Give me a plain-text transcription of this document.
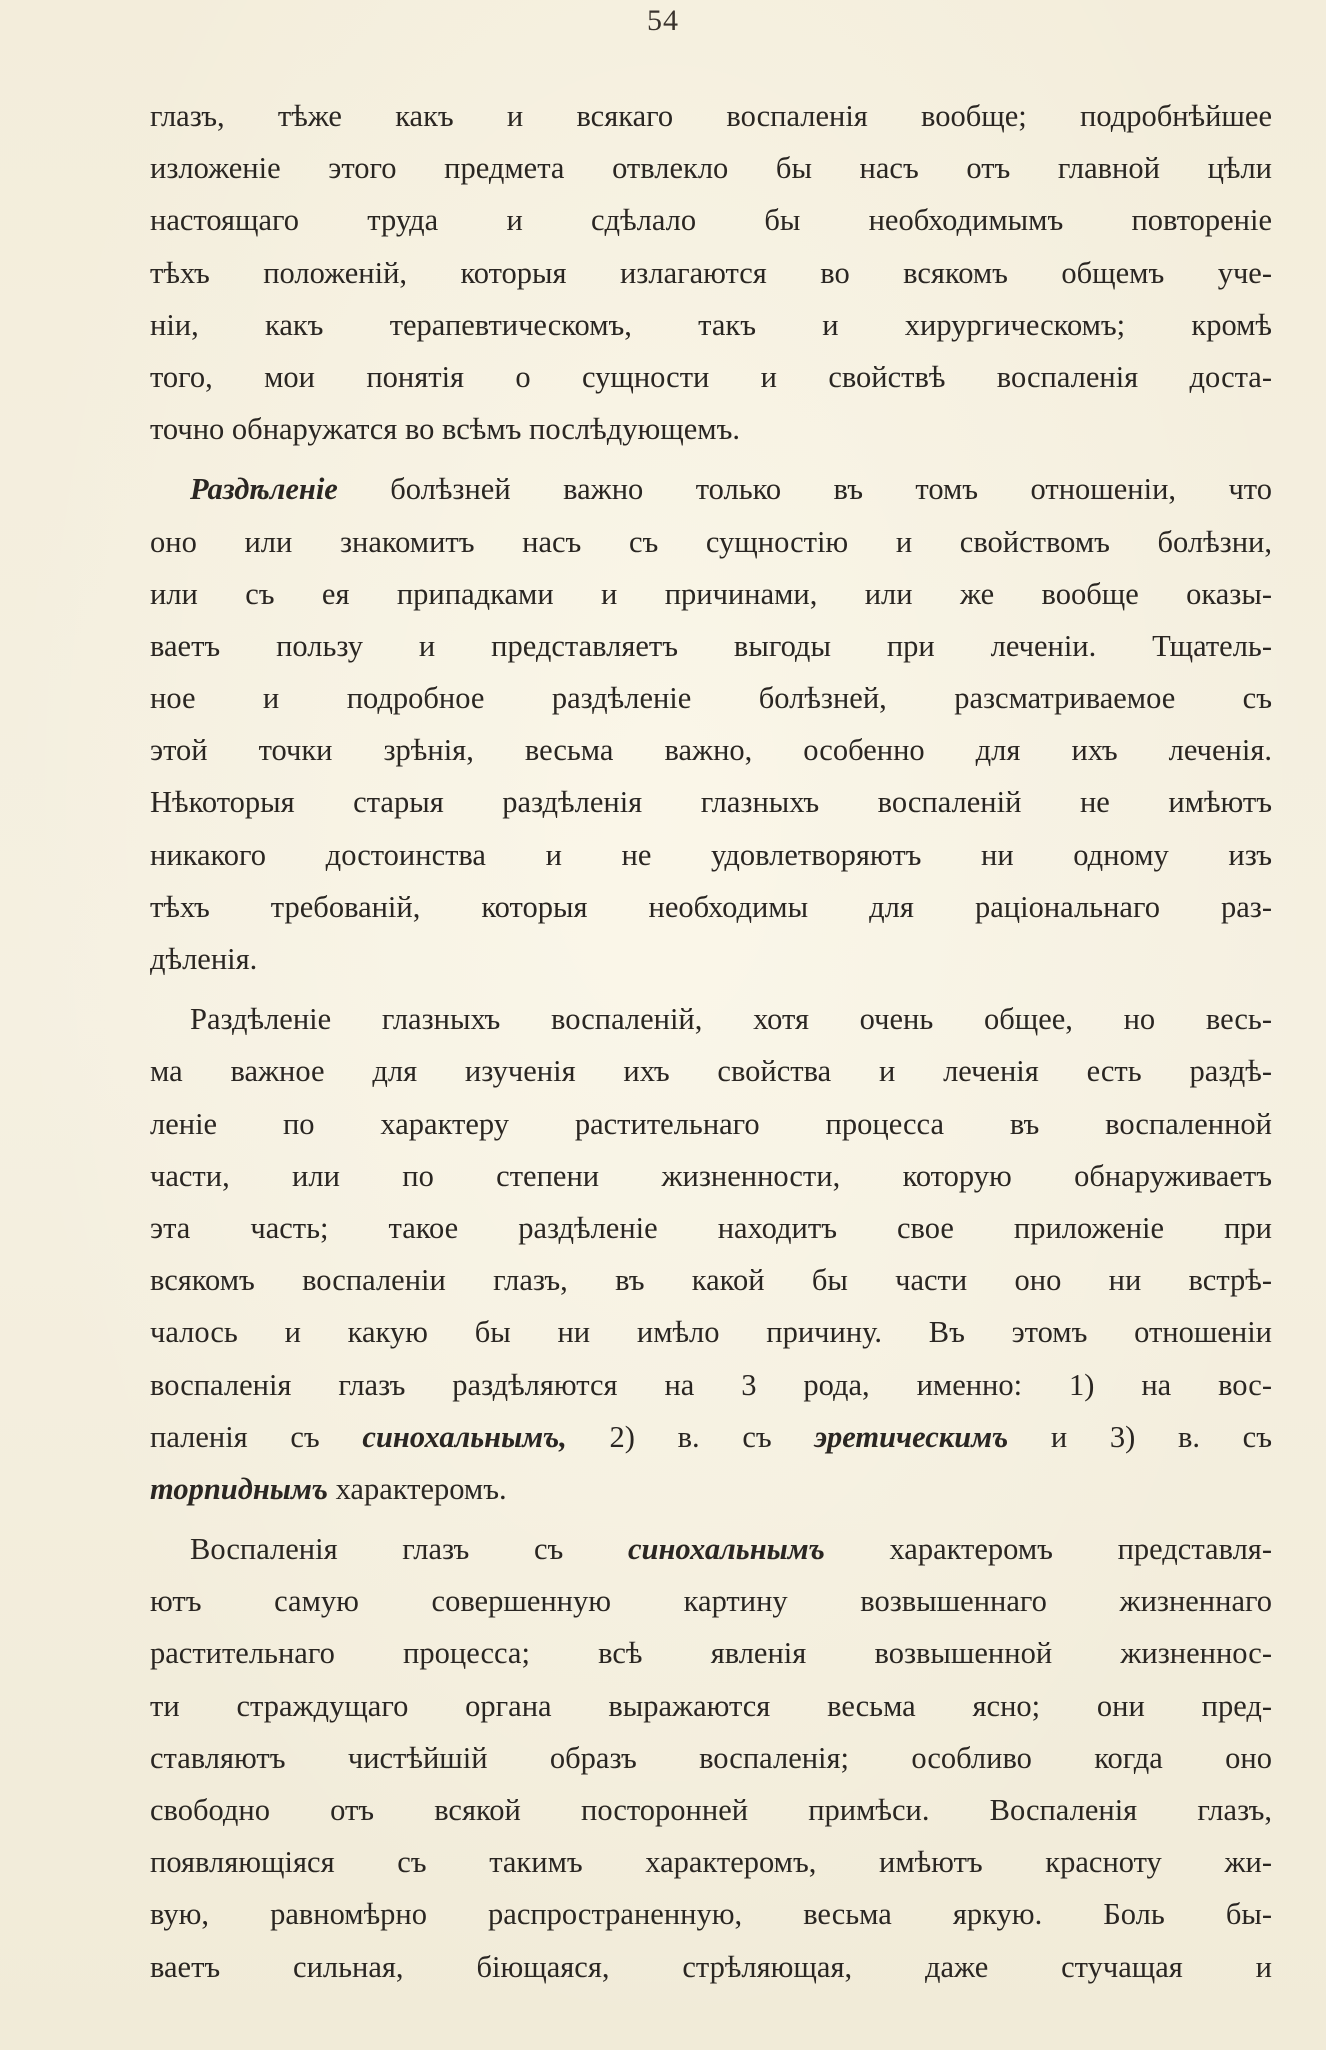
54
глазъ, тѣже какъ и всякаго воспаленія вообще; подробнѣйшее
изложеніе этого предмета отвлекло бы насъ отъ главной цѣли
настоящаго труда и сдѣлало бы необходимымъ повтореніе
тѣхъ положеній, которыя излагаются во всякомъ общемъ уче-
ніи, какъ терапевтическомъ, такъ и хирургическомъ; кромѣ
того, мои понятія о сущности и свойствѣ воспаленія доста-
точно обнаружатся во всѣмъ послѣдующемъ.
Раздѣленіе болѣзней важно только въ томъ отношеніи, что
оно или знакомитъ насъ съ сущностію и свойствомъ болѣзни,
или съ ея припадками и причинами, или же вообще оказы-
ваетъ пользу и представляетъ выгоды при леченіи. Тщатель-
ное и подробное раздѣленіе болѣзней, разсматриваемое съ
этой точки зрѣнія, весьма важно, особенно для ихъ леченія.
Нѣкоторыя старыя раздѣленія глазныхъ воспаленій не имѣютъ
никакого достоинства и не удовлетворяютъ ни одному изъ
тѣхъ требованій, которыя необходимы для раціональнаго раз-
дѣленія.
Раздѣленіе глазныхъ воспаленій, хотя очень общее, но весь-
ма важное для изученія ихъ свойства и леченія есть раздѣ-
леніе по характеру растительнаго процесса въ воспаленной
части, или по степени жизненности, которую обнаруживаетъ
эта часть; такое раздѣленіе находитъ свое приложеніе при
всякомъ воспаленіи глазъ, въ какой бы части оно ни встрѣ-
чалось и какую бы ни имѣло причину. Въ этомъ отношеніи
воспаленія глазъ раздѣляются на 3 рода, именно: 1) на вос-
паленія съ синохальнымъ, 2) в. съ эретическимъ и 3) в. съ
торпиднымъ характеромъ.
Воспаленія глазъ съ синохальнымъ характеромъ представля-
ютъ самую совершенную картину возвышеннаго жизненнаго
растительнаго процесса; всѣ явленія возвышенной жизненнос-
ти страждущаго органа выражаются весьма ясно; они пред-
ставляютъ чистѣйшій образъ воспаленія; особливо когда оно
свободно отъ всякой посторонней примѣси. Воспаленія глазъ,
появляющіяся съ такимъ характеромъ, имѣютъ красноту жи-
вую, равномѣрно распространенную, весьма яркую. Боль бы-
ваетъ сильная, біющаяся, стрѣляющая, даже стучащая и
